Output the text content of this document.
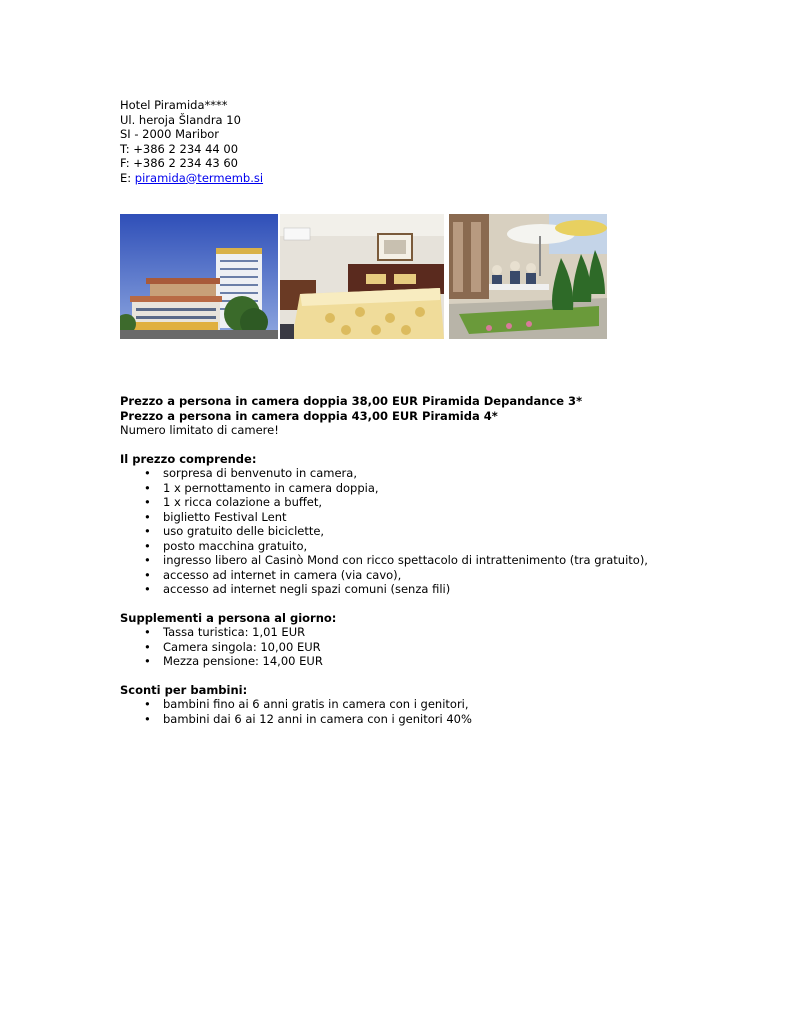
Hotel Piramida****
Ul. heroja Šlandra 10
SI - 2000 Maribor
T: +386 2 234 44 00
F: +386 2 234 43 60
E: piramida@termemb.si
Prezzo a persona in camera doppia 38,00 EUR Piramida Depandance 3*
Prezzo a persona in camera doppia 43,00 EUR Piramida 4*
Numero limitato di camere!
Il prezzo comprende:
• sorpresa di benvenuto in camera,
• 1 x pernottamento in camera doppia,
• 1 x ricca colazione a buffet,
• biglietto Festival Lent
• uso gratuito delle biciclette,
• posto macchina gratuito,
• ingresso libero al Casinò Mond con ricco spettacolo di intrattenimento (tra gratuito),
• accesso ad internet in camera (via cavo),
• accesso ad internet negli spazi comuni (senza fili)
Supplementi a persona al giorno:
• Tassa turistica: 1,01 EUR
• Camera singola: 10,00 EUR
• Mezza pensione: 14,00 EUR
Sconti per bambini:
• bambini fino ai 6 anni gratis in camera con i genitori,
• bambini dai 6 ai 12 anni in camera con i genitori 40%
